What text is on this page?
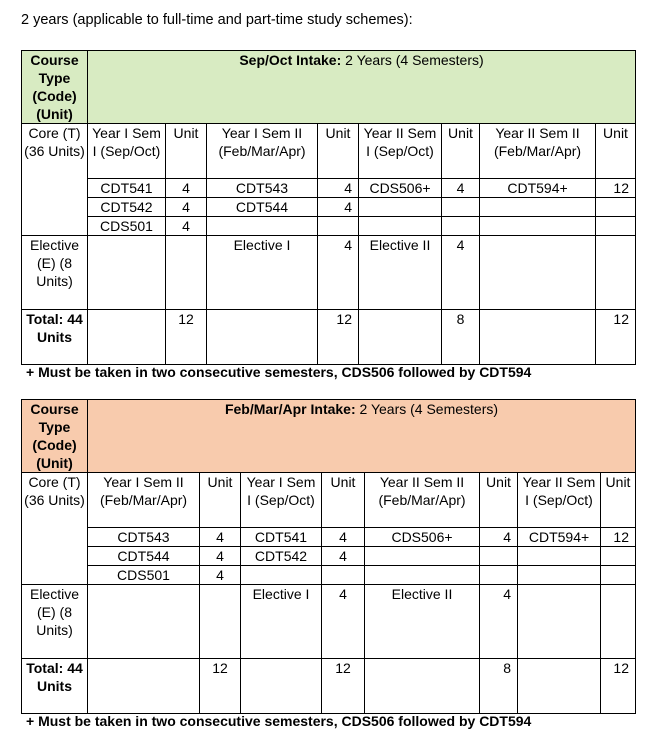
2 years (applicable to full-time and part-time study schemes):
Course Type (Code) (Unit)	Sep/Oct Intake: 2 Years (4 Semesters)							
Core (T) (36 Units)	Year I Sem I (Sep/Oct)	Unit	Year I Sem II (Feb/Mar/Apr)	Unit	Year II Sem I (Sep/Oct)	Unit	Year II Sem II (Feb/Mar/Apr)	Unit
	CDT541	4	CDT543	4	CDS506+	4	CDT594+	12
	CDT542	4	CDT544	4				
	CDS501	4						
Elective (E) (8 Units)			Elective I	4	Elective II	4		
Total: 44 Units		12		12		8		12
+ Must be taken in two consecutive semesters, CDS506 followed by CDT594
Course Type (Code) (Unit)	Feb/Mar/Apr Intake: 2 Years (4 Semesters)							
Core (T) (36 Units)	Year I Sem II (Feb/Mar/Apr)	Unit	Year I Sem I (Sep/Oct)	Unit	Year II Sem II (Feb/Mar/Apr)	Unit	Year II Sem I (Sep/Oct)	Unit
	CDT543	4	CDT541	4	CDS506+	4	CDT594+	12
	CDT544	4	CDT542	4				
	CDS501	4						
Elective (E) (8 Units)			Elective I	4	Elective II	4		
Total: 44 Units		12		12		8		12
+ Must be taken in two consecutive semesters, CDS506 followed by CDT594
